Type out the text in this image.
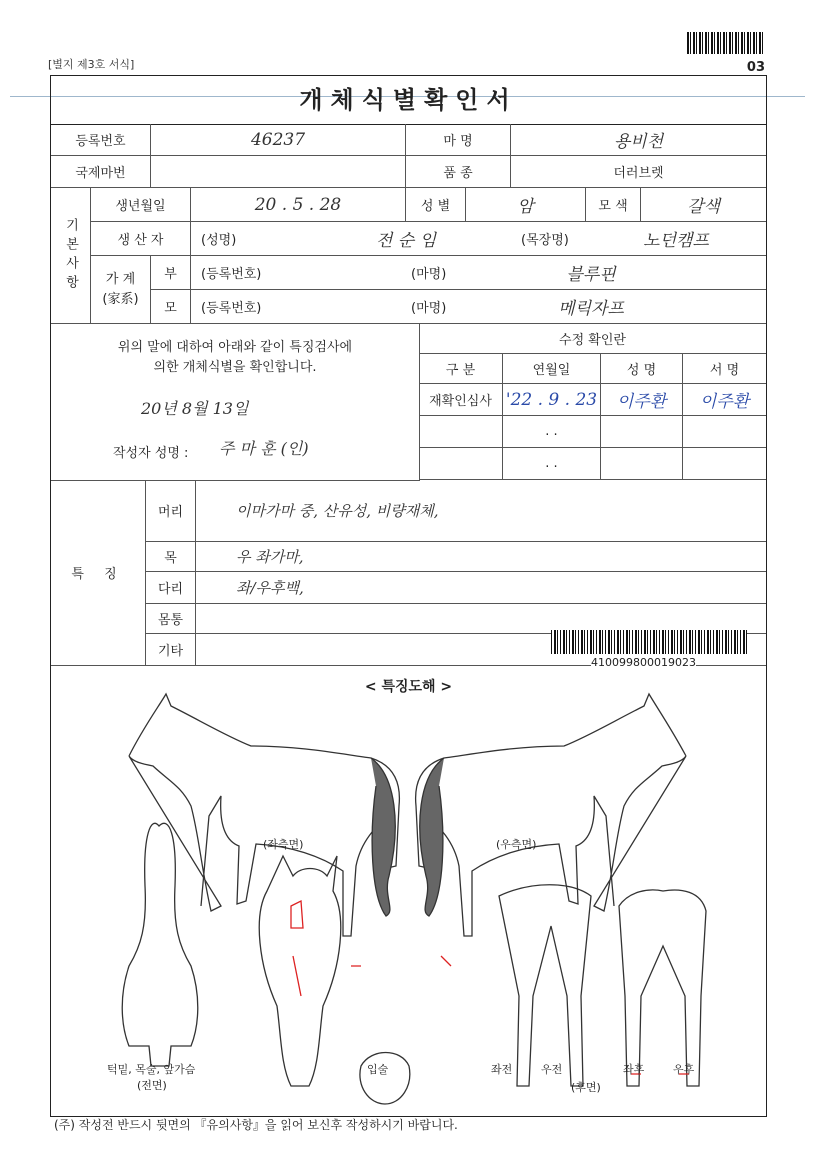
03
[별지 제3호 서식]
개체식별확인서
등록번호	46237	마 명	용비천
국제마번	품 종	더러브렛
기본사항
생년월일	20 . 5 . 28	성 별	암	모 색	갈색
생 산 자	(성명)	전 순 임	(목장명)	노던캠프
가 계 (家系)
부	(등록번호)	(마명)	블루핀
모	(등록번호)	(마명)	메릭자프
위의 말에 대하여 아래와 같이 특징검사에
의한 개체식별을 확인합니다.
20년 8월 13일
작성자 성명 : 주 마 훈 (인)
수정 확인란
특 징
머리	이마가마 중, 산유성, 비량재체,
목	우 좌가마,
다리	좌/우후백,
몸통
기타
410099800019023
< 특징도해 >
(좌측면)	(우측면)
턱밑, 목술, 앞가슴
(전면)
입술	좌전	우전	좌후	우후
(후면)
구 분	연월일	성 명	서 명
재확인심사 '22 . 9 . 23	이주환	이주환
. .
. .
(주) 작성전 반드시 뒷면의 『유의사항』을 읽어 보신후 작성하시기 바랍니다.
